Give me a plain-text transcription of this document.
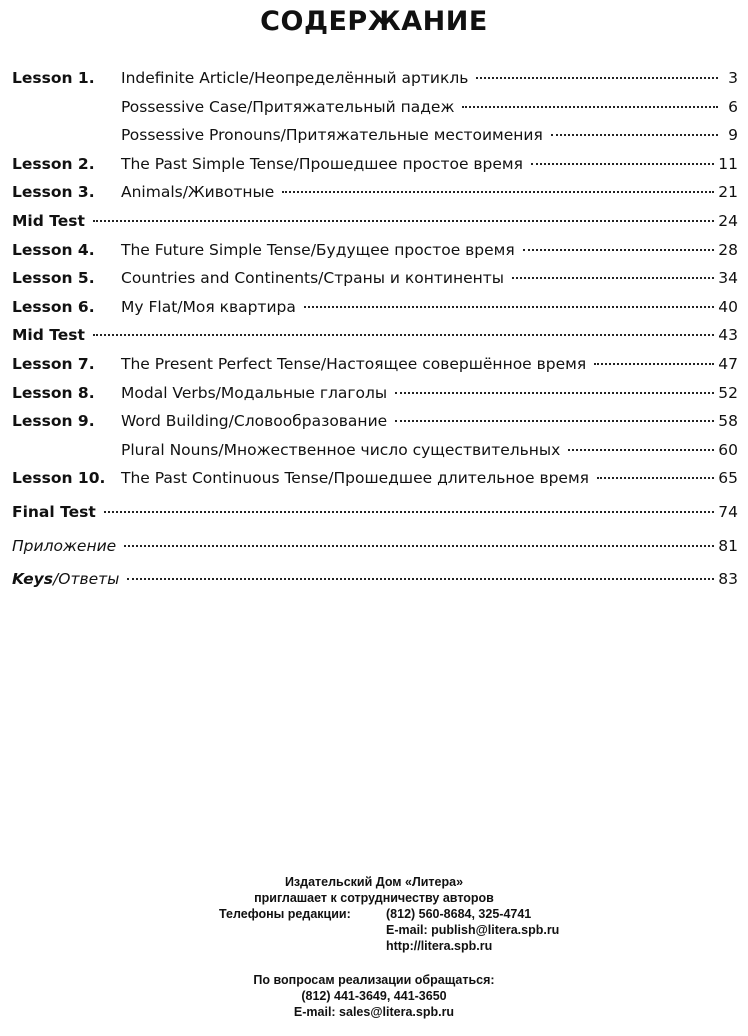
СОДЕРЖАНИЕ
Lesson 1. Indefinite Article/Неопределённый артикль	3
Possessive Case/Притяжательный падеж	6
Possessive Pronouns/Притяжательные местоимения	9
Lesson 2. The Past Simple Tense/Прошедшее простое время	11
Lesson 3. Animals/Животные	21
Mid Test	24
Lesson 4. The Future Simple Tense/Будущее простое время	28
Lesson 5. Countries and Continents/Страны и континенты	34
Lesson 6. My Flat/Моя квартира	40
Mid Test	43
Lesson 7. The Present Perfect Tense/Настоящее совершённое время	47
Lesson 8. Modal Verbs/Модальные глаголы	52
Lesson 9. Word Building/Словообразование	58
Plural Nouns/Множественное число существительных	60
Lesson 10. The Past Continuous Tense/Прошедшее длительное время	65
Final Test	74
Приложение	81
Keys/Ответы	83
Издательский Дом «Литера»
приглашает к сотрудничеству авторов
Телефоны редакции:	(812) 560-8684, 325-4741
E-mail: publish@litera.spb.ru
http://litera.spb.ru
По вопросам реализации обращаться:
(812) 441-3649, 441-3650
E-mail: sales@litera.spb.ru
